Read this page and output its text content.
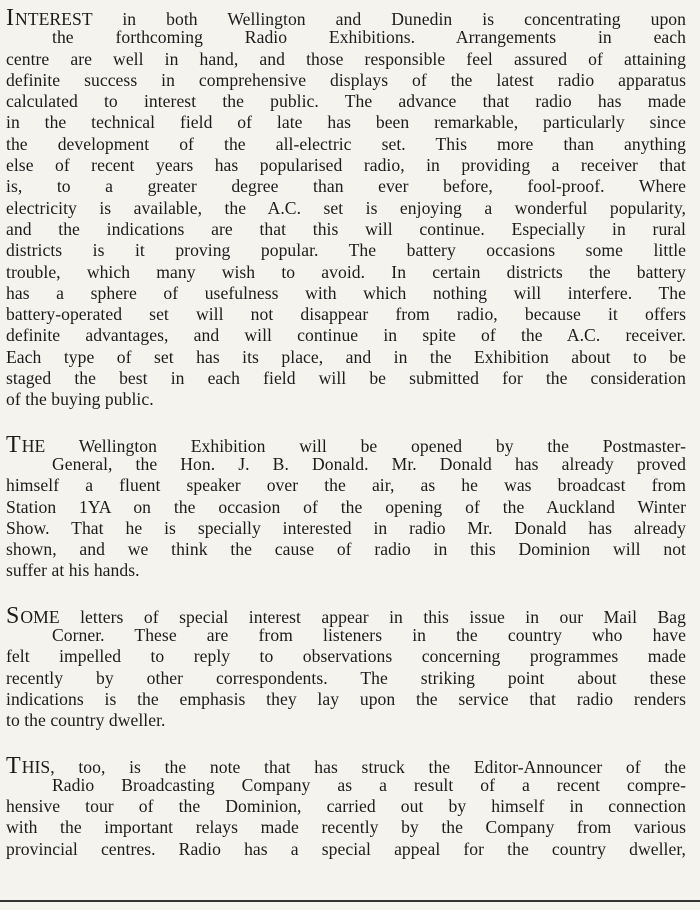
INTEREST in both Wellington and Dunedin is concentrating upon
the forthcoming Radio Exhibitions. Arrangements in each
centre are well in hand, and those responsible feel assured of attaining
definite success in comprehensive displays of the latest radio apparatus
calculated to interest the public. The advance that radio has made
in the technical field of late has been remarkable, particularly since
the development of the all-electric set. This more than anything
else of recent years has popularised radio, in providing a receiver that
is, to a greater degree than ever before, fool-proof. Where
electricity is available, the A.C. set is enjoying a wonderful popularity,
and the indications are that this will continue. Especially in rural
districts is it proving popular. The battery occasions some little
trouble, which many wish to avoid. In certain districts the battery
has a sphere of usefulness with which nothing will interfere. The
battery-operated set will not disappear from radio, because it offers
definite advantages, and will continue in spite of the A.C. receiver.
Each type of set has its place, and in the Exhibition about to be
staged the best in each field will be submitted for the consideration
of the buying public.
THE Wellington Exhibition will be opened by the Postmaster-
General, the Hon. J. B. Donald. Mr. Donald has already proved
himself a fluent speaker over the air, as he was broadcast from
Station 1YA on the occasion of the opening of the Auckland Winter
Show. That he is specially interested in radio Mr. Donald has already
shown, and we think the cause of radio in this Dominion will not
suffer at his hands.
SOME letters of special interest appear in this issue in our Mail Bag
Corner. These are from listeners in the country who have
felt impelled to reply to observations concerning programmes made
recently by other correspondents. The striking point about these
indications is the emphasis they lay upon the service that radio renders
to the country dweller.
THIS, too, is the note that has struck the Editor-Announcer of the
Radio Broadcasting Company as a result of a recent compre-
hensive tour of the Dominion, carried out by himself in connection
with the important relays made recently by the Company from various
provincial centres. Radio has a special appeal for the country dweller,
